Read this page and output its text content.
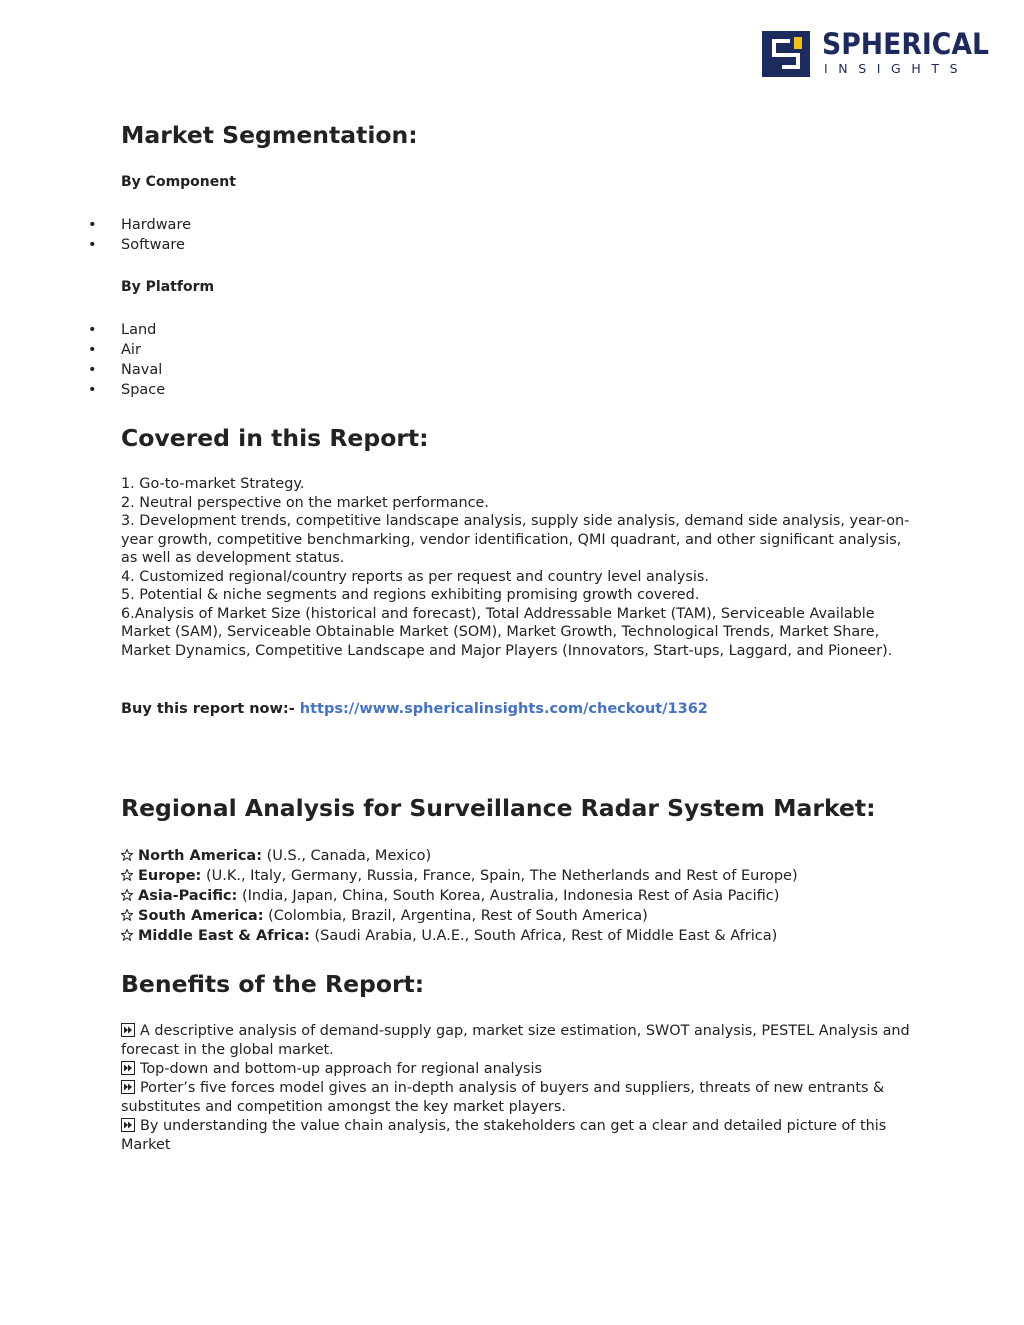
SPHERICAL
INSIGHTS
Market Segmentation:
By Component
• Hardware
• Software
By Platform
• Land
• Air
• Naval
• Space
Covered in this Report:

1. Go-to-market Strategy.

2. Neutral perspective on the market performance.

3. Development trends, competitive landscape analysis, supply side analysis, demand side analysis, year-on-year growth, competitive benchmarking, vendor identification, QMI quadrant, and other significant analysis, as well as development status.

4. Customized regional/country reports as per request and country level analysis.

5. Potential & niche segments and regions exhibiting promising growth covered.

6.Analysis of Market Size (historical and forecast), Total Addressable Market (TAM), Serviceable Available Market (SAM), Serviceable Obtainable Market (SOM), Market Growth, Technological Trends, Market Share, Market Dynamics, Competitive Landscape and Major Players (Innovators, Start-ups, Laggard, and Pioneer).

Buy this report now:- https://www.sphericalinsights.com/checkout/1362
Regional Analysis for Surveillance Radar System Market:
North America: (U.S., Canada, Mexico)
Europe: (U.K., Italy, Germany, Russia, France, Spain, The Netherlands and Rest of Europe)
Asia-Pacific: (India, Japan, China, South Korea, Australia, Indonesia Rest of Asia Pacific)
South America: (Colombia, Brazil, Argentina, Rest of South America)
Middle East & Africa: (Saudi Arabia, U.A.E., South Africa, Rest of Middle East & Africa)
Benefits of the Report:

A descriptive analysis of demand-supply gap, market size estimation, SWOT analysis, PESTEL Analysis and forecast in the global market.

Top-down and bottom-up approach for regional analysis

Porter’s five forces model gives an in-depth analysis of buyers and suppliers, threats of new entrants & substitutes and competition amongst the key market players.

By understanding the value chain analysis, the stakeholders can get a clear and detailed picture of this Market
